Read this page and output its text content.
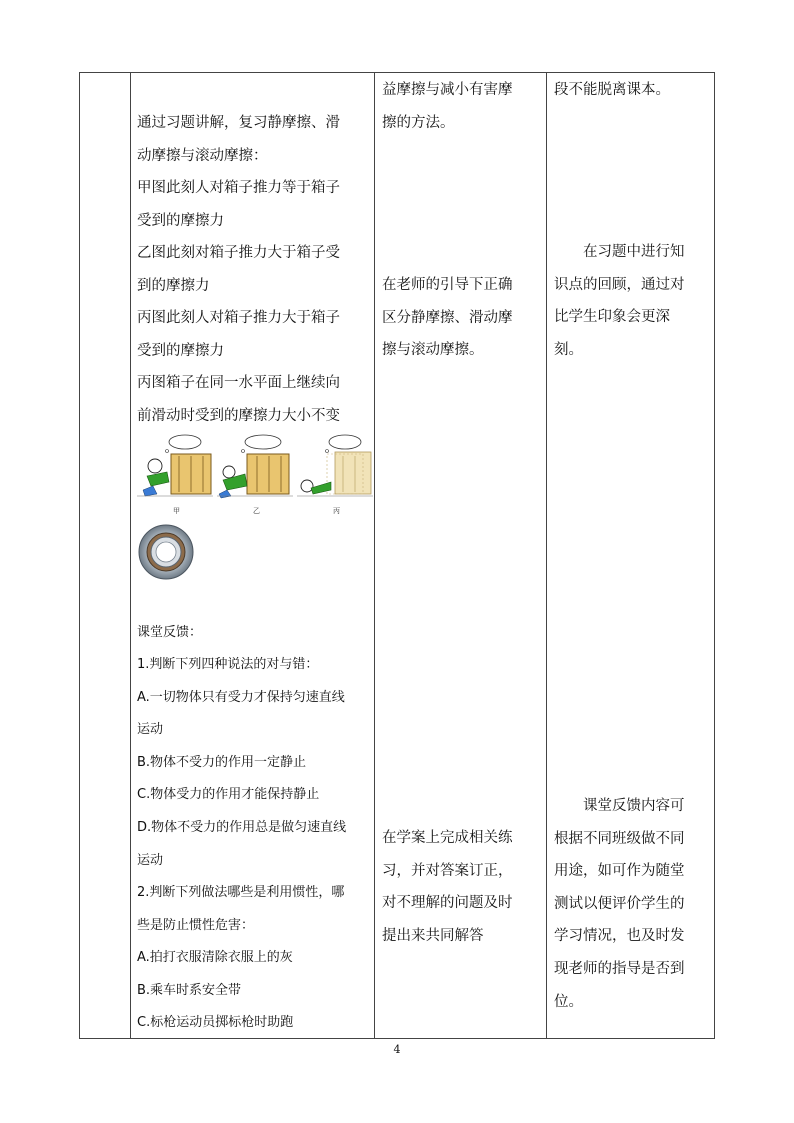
通过习题讲解，复习静摩擦、滑
动摩擦与滚动摩擦：
甲图此刻人对箱子推力等于箱子
受到的摩擦力
乙图此刻对箱子推力大于箱子受
到的摩擦力
丙图此刻人对箱子推力大于箱子
受到的摩擦力
丙图箱子在同一水平面上继续向
前滑动时受到的摩擦力大小不变
甲	乙	丙
课堂反馈：
1.判断下列四种说法的对与错：
A.一切物体只有受力才保持匀速直线
运动
B.物体不受力的作用一定静止
C.物体受力的作用才能保持静止
D.物体不受力的作用总是做匀速直线
运动
2.判断下列做法哪些是利用惯性，哪
些是防止惯性危害：
A.拍打衣服清除衣服上的灰
B.乘车时系安全带
C.标枪运动员掷标枪时助跑
益摩擦与减小有害摩
擦的方法。
在老师的引导下正确
区分静摩擦、滑动摩
擦与滚动摩擦。
在学案上完成相关练
习，并对答案订正，
对不理解的问题及时
提出来共同解答
段不能脱离课本。
　　在习题中进行知
识点的回顾，通过对
比学生印象会更深
刻。
　　课堂反馈内容可
根据不同班级做不同
用途，如可作为随堂
测试以便评价学生的
学习情况，也及时发
现老师的指导是否到
位。
4
